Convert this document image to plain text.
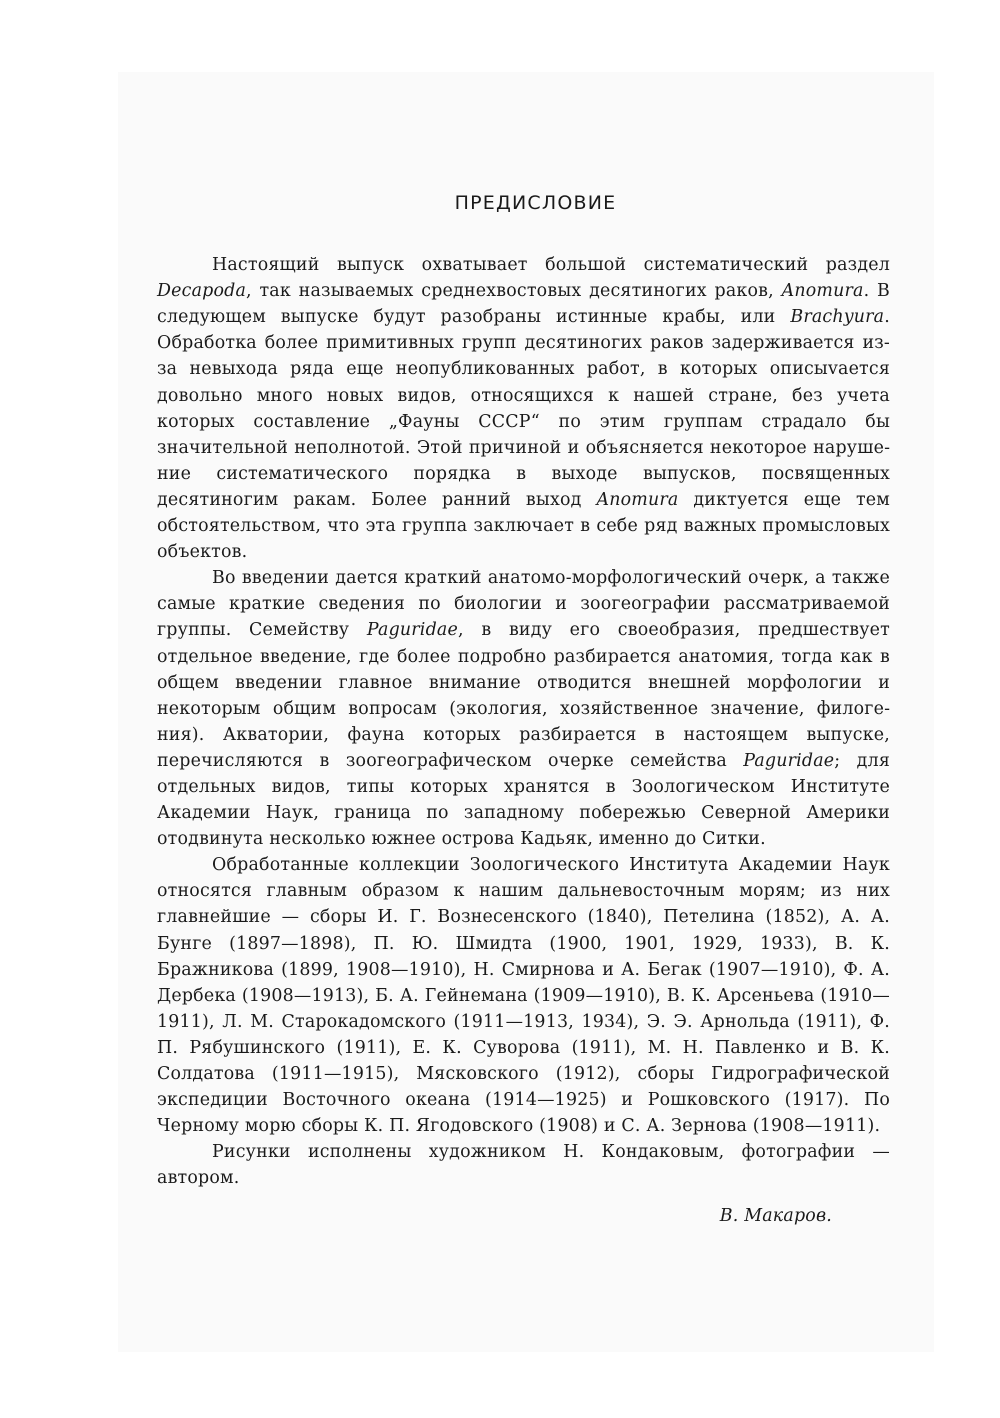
ПРЕДИСЛОВИЕ

Настоящий выпуск охватывает большой систематический раздел Decapoda, так называемых среднехвостовых десятиногих раков, Anomura. В следующем выпуске будут разобраны истинные крабы, или Brachyura. Обработка более примитивных групп десятиногих раков задерживается из-за невыхода ряда еще неопубликованных работ, в которых описыvается довольно много новых видов, относящихся к нашей стране, без учета которых составление „Фауны СССР“ по этим группам страдало бы значительной неполнотой. Этой причиной и объясняется некоторое нарушение систематического порядка в выходе выпусков, посвященных десятиногим ракам. Более ранний выход Anomura диктуется еще тем обстоятельством, что эта группа заключает в себе ряд важных промысловых объектов.

Во введении дается краткий анатомо-морфологический очерк, а также самые краткие сведения по биологии и зоогеографии рассматриваемой группы. Семейству Paguridae, в виду его своеобразия, предшествует отдельное введение, где более подробно разбирается анатомия, тогда как в общем введении главное внимание отводится внешней морфологии и некоторым общим вопросам (экология, хозяйственное значение, филогения). Акватории, фауна которых разбирается в настоящем выпуске, перечисляются в зоогеографическом очерке семейства Paguridae; для отдельных видов, типы которых хранятся в Зоологическом Институте Академии Наук, граница по западному побережью Северной Америки отодвинута несколько южнее острова Кадьяк, именно до Ситки.

Обработанные коллекции Зоологического Института Академии Наук относятся главным образом к нашим дальневосточным морям; из них главнейшие — сборы И. Г. Вознесенского (1840), Петелина (1852), А. А. Бунге (1897—1898), П. Ю. Шмидта (1900, 1901, 1929, 1933), В. К. Бражникова (1899, 1908—1910), Н. Смирнова и А. Бегак (1907—1910), Ф. А. Дербека (1908—1913), Б. А. Гейнемана (1909—1910), В. К. Арсеньева (1910—1911), Л. М. Старокадомского (1911—1913, 1934), Э. Э. Арнольда (1911), Ф. П. Рябушинского (1911), Е. К. Суворова (1911), М. Н. Павленко и В. К. Солдатова (1911—1915), Мясковского (1912), сборы Гидрографической экспедиции Восточного океана (1914—1925) и Рошковского (1917). По Черному морю сборы К. П. Ягодовского (1908) и С. А. Зернова (1908—1911).

Рисунки исполнены художником Н. Кондаковым, фотографии — автором.

В. Макаров.
